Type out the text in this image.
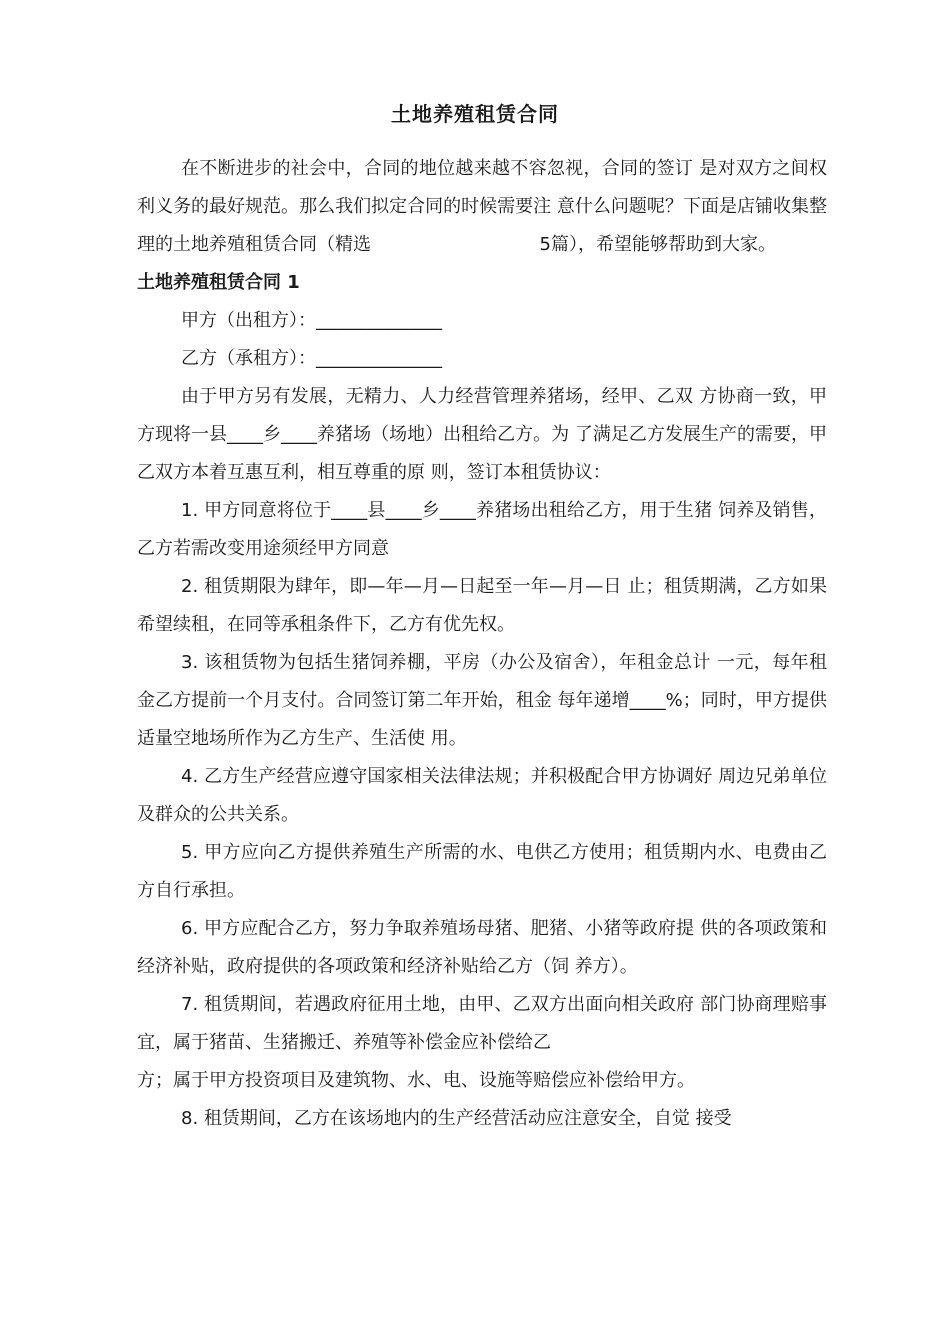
土地养殖租赁合同

在不断进步的社会中，合同的地位越来越不容忽视，合同的签订 是对双方之间权利义务的最好规范。那么我们拟定合同的时候需要注 意什么问题呢？下面是店铺收集整理的土地养殖租赁合同（精选	5篇），希望能够帮助到大家。

土地养殖租赁合同 1

甲方（出租方）：______________

乙方（承租方）：______________

由于甲方另有发展，无精力、人力经营管理养猪场，经甲、乙双 方协商一致，甲方现将一县____乡____养猪场（场地）出租给乙方。为 了满足乙方发展生产的需要，甲乙双方本着互惠互利，相互尊重的原 则，签订本租赁协议：

1. 甲方同意将位于____县____乡____养猪场出租给乙方，用于生猪 饲养及销售，乙方若需改变用途须经甲方同意

2. 租赁期限为肆年，即—年—月—日起至一年—月—日 止；租赁期满，乙方如果希望续租，在同等承租条件下，乙方有优先权。

3. 该租赁物为包括生猪饲养棚，平房（办公及宿舍），年租金总计 一元，每年租金乙方提前一个月支付。合同签订第二年开始，租金 每年递增____%；同时，甲方提供适量空地场所作为乙方生产、生活使 用。

4. 乙方生产经营应遵守国家相关法律法规；并积极配合甲方协调好 周边兄弟单位及群众的公共关系。

5. 甲方应向乙方提供养殖生产所需的水、电供乙方使用；租赁期内水、电费由乙方自行承担。

6. 甲方应配合乙方，努力争取养殖场母猪、肥猪、小猪等政府提 供的各项政策和经济补贴，政府提供的各项政策和经济补贴给乙方（饲 养方）。

7. 租赁期间，若遇政府征用土地，由甲、乙双方出面向相关政府 部门协商理赔事宜，属于猪苗、生猪搬迁、养殖等补偿金应补偿给乙

方；属于甲方投资项目及建筑物、水、电、设施等赔偿应补偿给甲方。

8. 租赁期间，乙方在该场地内的生产经营活动应注意安全，自觉 接受
